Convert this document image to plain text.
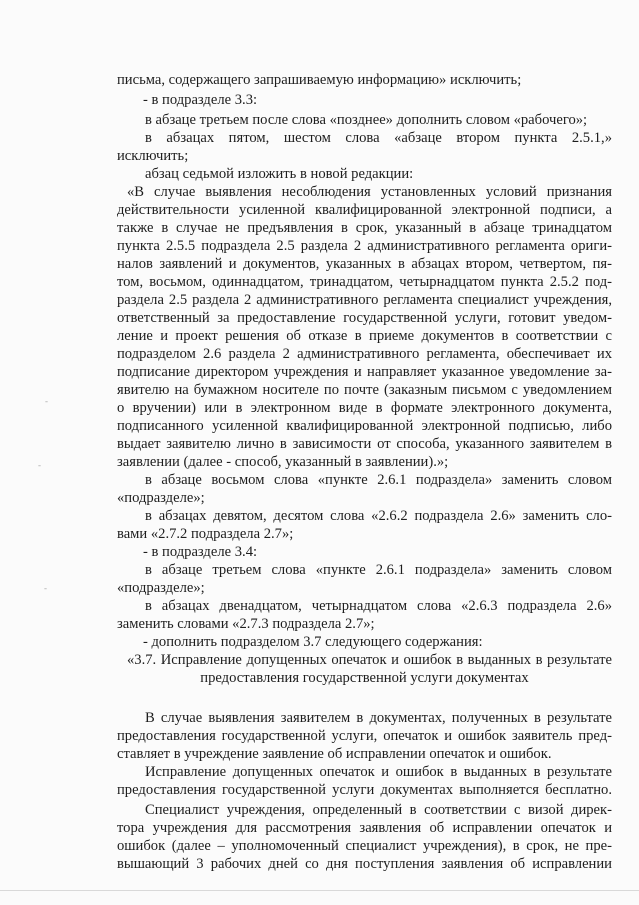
письма, содержащего запрашиваемую информацию» исключить;
- в подразделе 3.3:
в абзаце третьем после слова «позднее» дополнить словом «рабочего»;
в абзацах пятом, шестом слова «абзаце втором пункта 2.5.1,»
исключить;
абзац седьмой изложить в новой редакции:
«В случае выявления несоблюдения установленных условий признания
действительности усиленной квалифицированной электронной подписи, а
также в случае не предъявления в срок, указанный в абзаце тринадцатом
пункта 2.5.5 подраздела 2.5 раздела 2 административного регламента ориги-
налов заявлений и документов, указанных в абзацах втором, четвертом, пя-
том, восьмом, одиннадцатом, тринадцатом, четырнадцатом пункта 2.5.2 под-
раздела 2.5 раздела 2 административного регламента специалист учреждения,
ответственный за предоставление государственной услуги, готовит уведом-
ление и проект решения об отказе в приеме документов в соответствии с
подразделом 2.6 раздела 2 административного регламента, обеспечивает их
подписание директором учреждения и направляет указанное уведомление за-
явителю на бумажном носителе по почте (заказным письмом с уведомлением
о вручении) или в электронном виде в формате электронного документа,
подписанного усиленной квалифицированной электронной подписью, либо
выдает заявителю лично в зависимости от способа, указанного заявителем в
заявлении (далее - способ, указанный в заявлении).»;
в абзаце восьмом слова «пункте 2.6.1 подраздела» заменить словом
«подразделе»;
в абзацах девятом, десятом слова «2.6.2 подраздела 2.6» заменить сло-
вами «2.7.2 подраздела 2.7»;
- в подразделе 3.4:
в абзаце третьем слова «пункте 2.6.1 подраздела» заменить словом
«подразделе»;
в абзацах двенадцатом, четырнадцатом слова «2.6.3 подраздела 2.6»
заменить словами «2.7.3 подраздела 2.7»;
- дополнить подразделом 3.7 следующего содержания:
«3.7. Исправление допущенных опечаток и ошибок в выданных в результате
предоставления государственной услуги документах
В случае выявления заявителем в документах, полученных в результате
предоставления государственной услуги, опечаток и ошибок заявитель пред-
ставляет в учреждение заявление об исправлении опечаток и ошибок.
Исправление допущенных опечаток и ошибок в выданных в результате
предоставления государственной услуги документах выполняется бесплатно.
Специалист учреждения, определенный в соответствии с визой дирек-
тора учреждения для рассмотрения заявления об исправлении опечаток и
ошибок (далее – уполномоченный специалист учреждения), в срок, не пре-
вышающий 3 рабочих дней со дня поступления заявления об исправлении
-
-
-
